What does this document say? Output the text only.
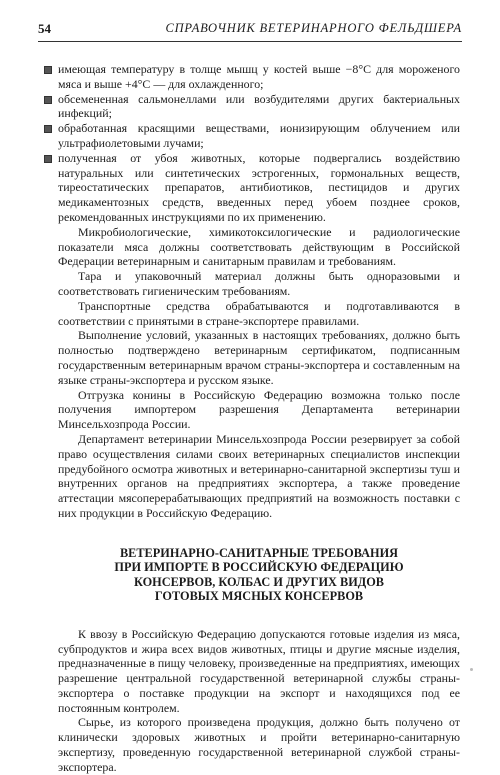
54	СПРАВОЧНИК ВЕТЕРИНАРНОГО ФЕЛЬДШЕРА
имеющая температуру в толще мышц у костей выше −8°С для мороженого мяса и выше +4°С — для охлажденного;
обсемененная сальмонеллами или возбудителями других бактериальных инфекций;
обработанная красящими веществами, ионизирующим облучением или ультрафиолетовыми лучами;
полученная от убоя животных, которые подвергались воздействию натуральных или синтетических эстрогенных, гормональных веществ, тиреостатических препаратов, антибиотиков, пестицидов и других медикаментозных средств, введенных перед убоем позднее сроков, рекомендованных инструкциями по их применению.

Микробиологические, химикотоксилогические и радиологические показатели мяса должны соответствовать действующим в Российской Федерации ветеринарным и санитарным правилам и требованиям.

Тара и упаковочный материал должны быть одноразовыми и соответствовать гигиеническим требованиям.

Транспортные средства обрабатываются и подготавливаются в соответствии с принятыми в стране-экспортере правилами.

Выполнение условий, указанных в настоящих требованиях, должно быть полностью подтверждено ветеринарным сертификатом, подписанным государственным ветеринарным врачом страны-экспортера и составленным на языке страны-экспортера и русском языке.

Отгрузка конины в Российскую Федерацию возможна только после получения импортером разрешения Департамента ветеринарии Минсельхозпрода России.

Департамент ветеринарии Минсельхозпрода России резервирует за собой право осуществления силами своих ветеринарных специалистов инспекции предубойного осмотра животных и ветеринарно-санитарной экспертизы туш и внутренних органов на предприятиях экспортера, а также проведение аттестации мясоперерабатывающих предприятий на возможность поставки с них продукции в Российскую Федерацию.

ВЕТЕРИНАРНО-САНИТАРНЫЕ ТРЕБОВАНИЯ
ПРИ ИМПОРТЕ В РОССИЙСКУЮ ФЕДЕРАЦИЮ
КОНСЕРВОВ, КОЛБАС И ДРУГИХ ВИДОВ
ГОТОВЫХ МЯСНЫХ КОНСЕРВОВ

К ввозу в Российскую Федерацию допускаются готовые изделия из мяса, субпродуктов и жира всех видов животных, птицы и другие мясные изделия, предназначенные в пищу человеку, произведенные на предприятиях, имеющих разрешение центральной государственной ветеринарной службы страны-экспортера о поставке продукции на экспорт и находящихся под ее постоянным контролем.

Сырье, из которого произведена продукция, должно быть получено от клинически здоровых животных и пройти ветеринарно-санитарную экспертизу, проведенную государственной ветеринарной службой страны-экспортера.
